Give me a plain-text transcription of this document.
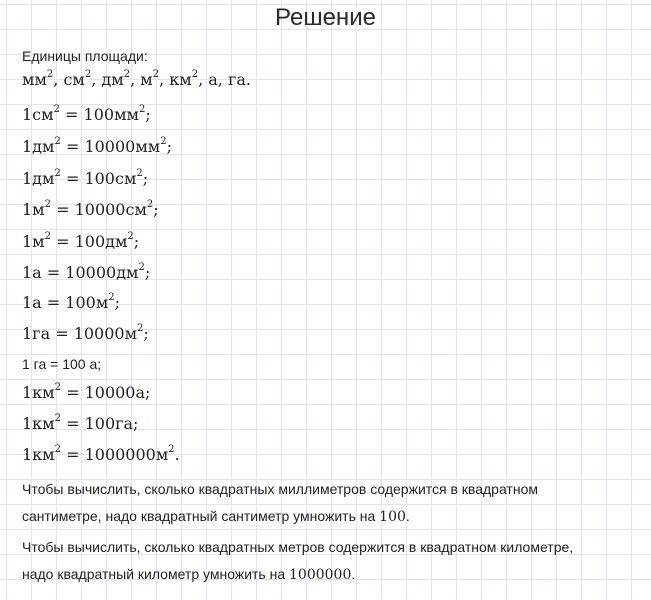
Решение
Единицы площади:
$мм^2$, $см^2$, $дм^2$, $м^2$, $км^2$, а, га.
$1см^2 = 100мм^2$;
$1дм^2 = 10000мм^2$;
$1дм^2 = 100см^2$;
$1м^2 = 10000см^2$;
$1м^2 = 100дм^2$;
$1а = 10000дм^2$;
$1а = 100м^2$;
$1га = 10000м^2$;
1 га = 100 а;
$1км^2 = 10000а$;
$1км^2 = 100га$;
$1км^2 = 1000000м^2$.
Чтобы вычислить, сколько квадратных миллиметров содержится в квадратном
сантиметре, надо квадратный сантиметр умножить на 100.
Чтобы вычислить, сколько квадратных метров содержится в квадратном километре,
надо квадратный километр умножить на 1000000.
